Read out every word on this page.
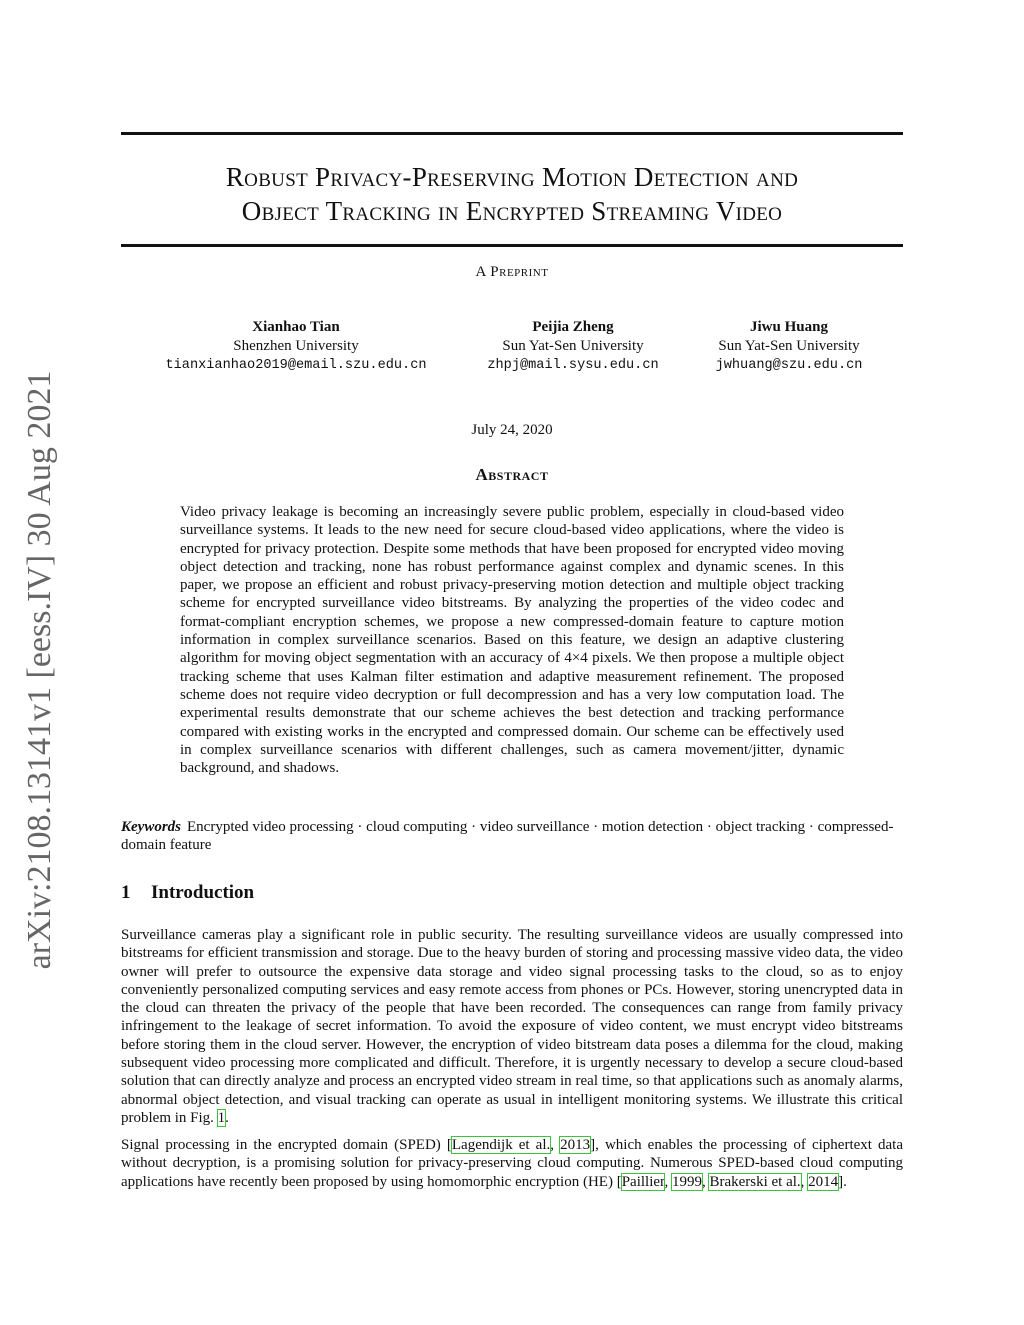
arXiv:2108.13141v1 [eess.IV] 30 Aug 2021
Robust Privacy-Preserving Motion Detection and
Object Tracking in Encrypted Streaming Video
A Preprint
Xianhao Tian
Shenzhen University
tianxianhao2019@email.szu.edu.cn
Peijia Zheng
Sun Yat-Sen University
zhpj@mail.sysu.edu.cn
Jiwu Huang
Sun Yat-Sen University
jwhuang@szu.edu.cn
July 24, 2020
Abstract
Video privacy leakage is becoming an increasingly severe public problem, especially in cloud-based video surveillance systems. It leads to the new need for secure cloud-based video applications, where the video is encrypted for privacy protection. Despite some methods that have been proposed for encrypted video moving object detection and tracking, none has robust performance against complex and dynamic scenes. In this paper, we propose an efficient and robust privacy-preserving motion detection and multiple object tracking scheme for encrypted surveillance video bitstreams. By analyzing the properties of the video codec and format-compliant encryption schemes, we propose a new compressed-domain feature to capture motion information in complex surveillance scenarios. Based on this feature, we design an adaptive clustering algorithm for moving object segmentation with an accuracy of 4×4 pixels. We then propose a multiple object tracking scheme that uses Kalman filter estimation and adaptive measurement refinement. The proposed scheme does not require video decryption or full decompression and has a very low computation load. The experimental results demonstrate that our scheme achieves the best detection and tracking performance compared with existing works in the encrypted and compressed domain. Our scheme can be effectively used in complex surveillance scenarios with different challenges, such as camera movement/jitter, dynamic background, and shadows.
Keywords Encrypted video processing · cloud computing · video surveillance · motion detection · object tracking · compressed-domain feature
1 Introduction
Surveillance cameras play a significant role in public security. The resulting surveillance videos are usually compressed into bitstreams for efficient transmission and storage. Due to the heavy burden of storing and processing massive video data, the video owner will prefer to outsource the expensive data storage and video signal processing tasks to the cloud, so as to enjoy conveniently personalized computing services and easy remote access from phones or PCs. However, storing unencrypted data in the cloud can threaten the privacy of the people that have been recorded. The consequences can range from family privacy infringement to the leakage of secret information. To avoid the exposure of video content, we must encrypt video bitstreams before storing them in the cloud server. However, the encryption of video bitstream data poses a dilemma for the cloud, making subsequent video processing more complicated and difficult. Therefore, it is urgently necessary to develop a secure cloud-based solution that can directly analyze and process an encrypted video stream in real time, so that applications such as anomaly alarms, abnormal object detection, and visual tracking can operate as usual in intelligent monitoring systems. We illustrate this critical problem in Fig. 1.
Signal processing in the encrypted domain (SPED) [Lagendijk et al., 2013], which enables the processing of ciphertext data without decryption, is a promising solution for privacy-preserving cloud computing. Numerous SPED-based cloud computing applications have recently been proposed by using homomorphic encryption (HE) [Paillier, 1999, Brakerski et al., 2014].
